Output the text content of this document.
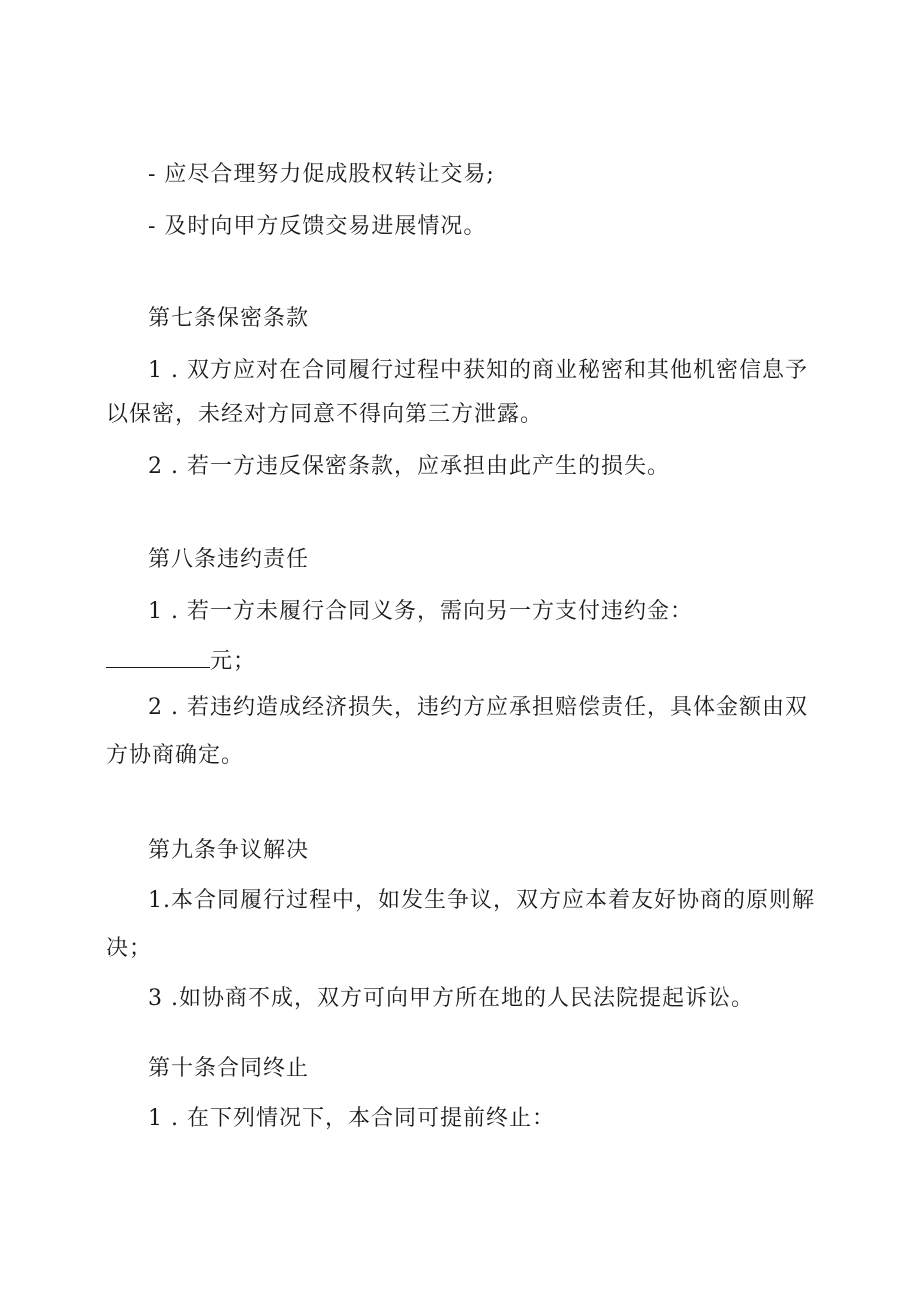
- 应尽合理努力促成股权转让交易;
- 及时向甲方反馈交易进展情况。
第七条保密条款
1 . 双方应对在合同履行过程中获知的商业秘密和其他机密信息予
以保密，未经对方同意不得向第三方泄露。
2 . 若一方违反保密条款，应承担由此产生的损失。
第八条违约责任
1 . 若一方未履行合同义务，需向另一方支付违约金：
元；
2 . 若违约造成经济损失，违约方应承担赔偿责任，具体金额由双
方协商确定。
第九条争议解决
1.本合同履行过程中，如发生争议，双方应本着友好协商的原则解
决；
3 .如协商不成，双方可向甲方所在地的人民法院提起诉讼。
第十条合同终止
1 . 在下列情况下，本合同可提前终止：
